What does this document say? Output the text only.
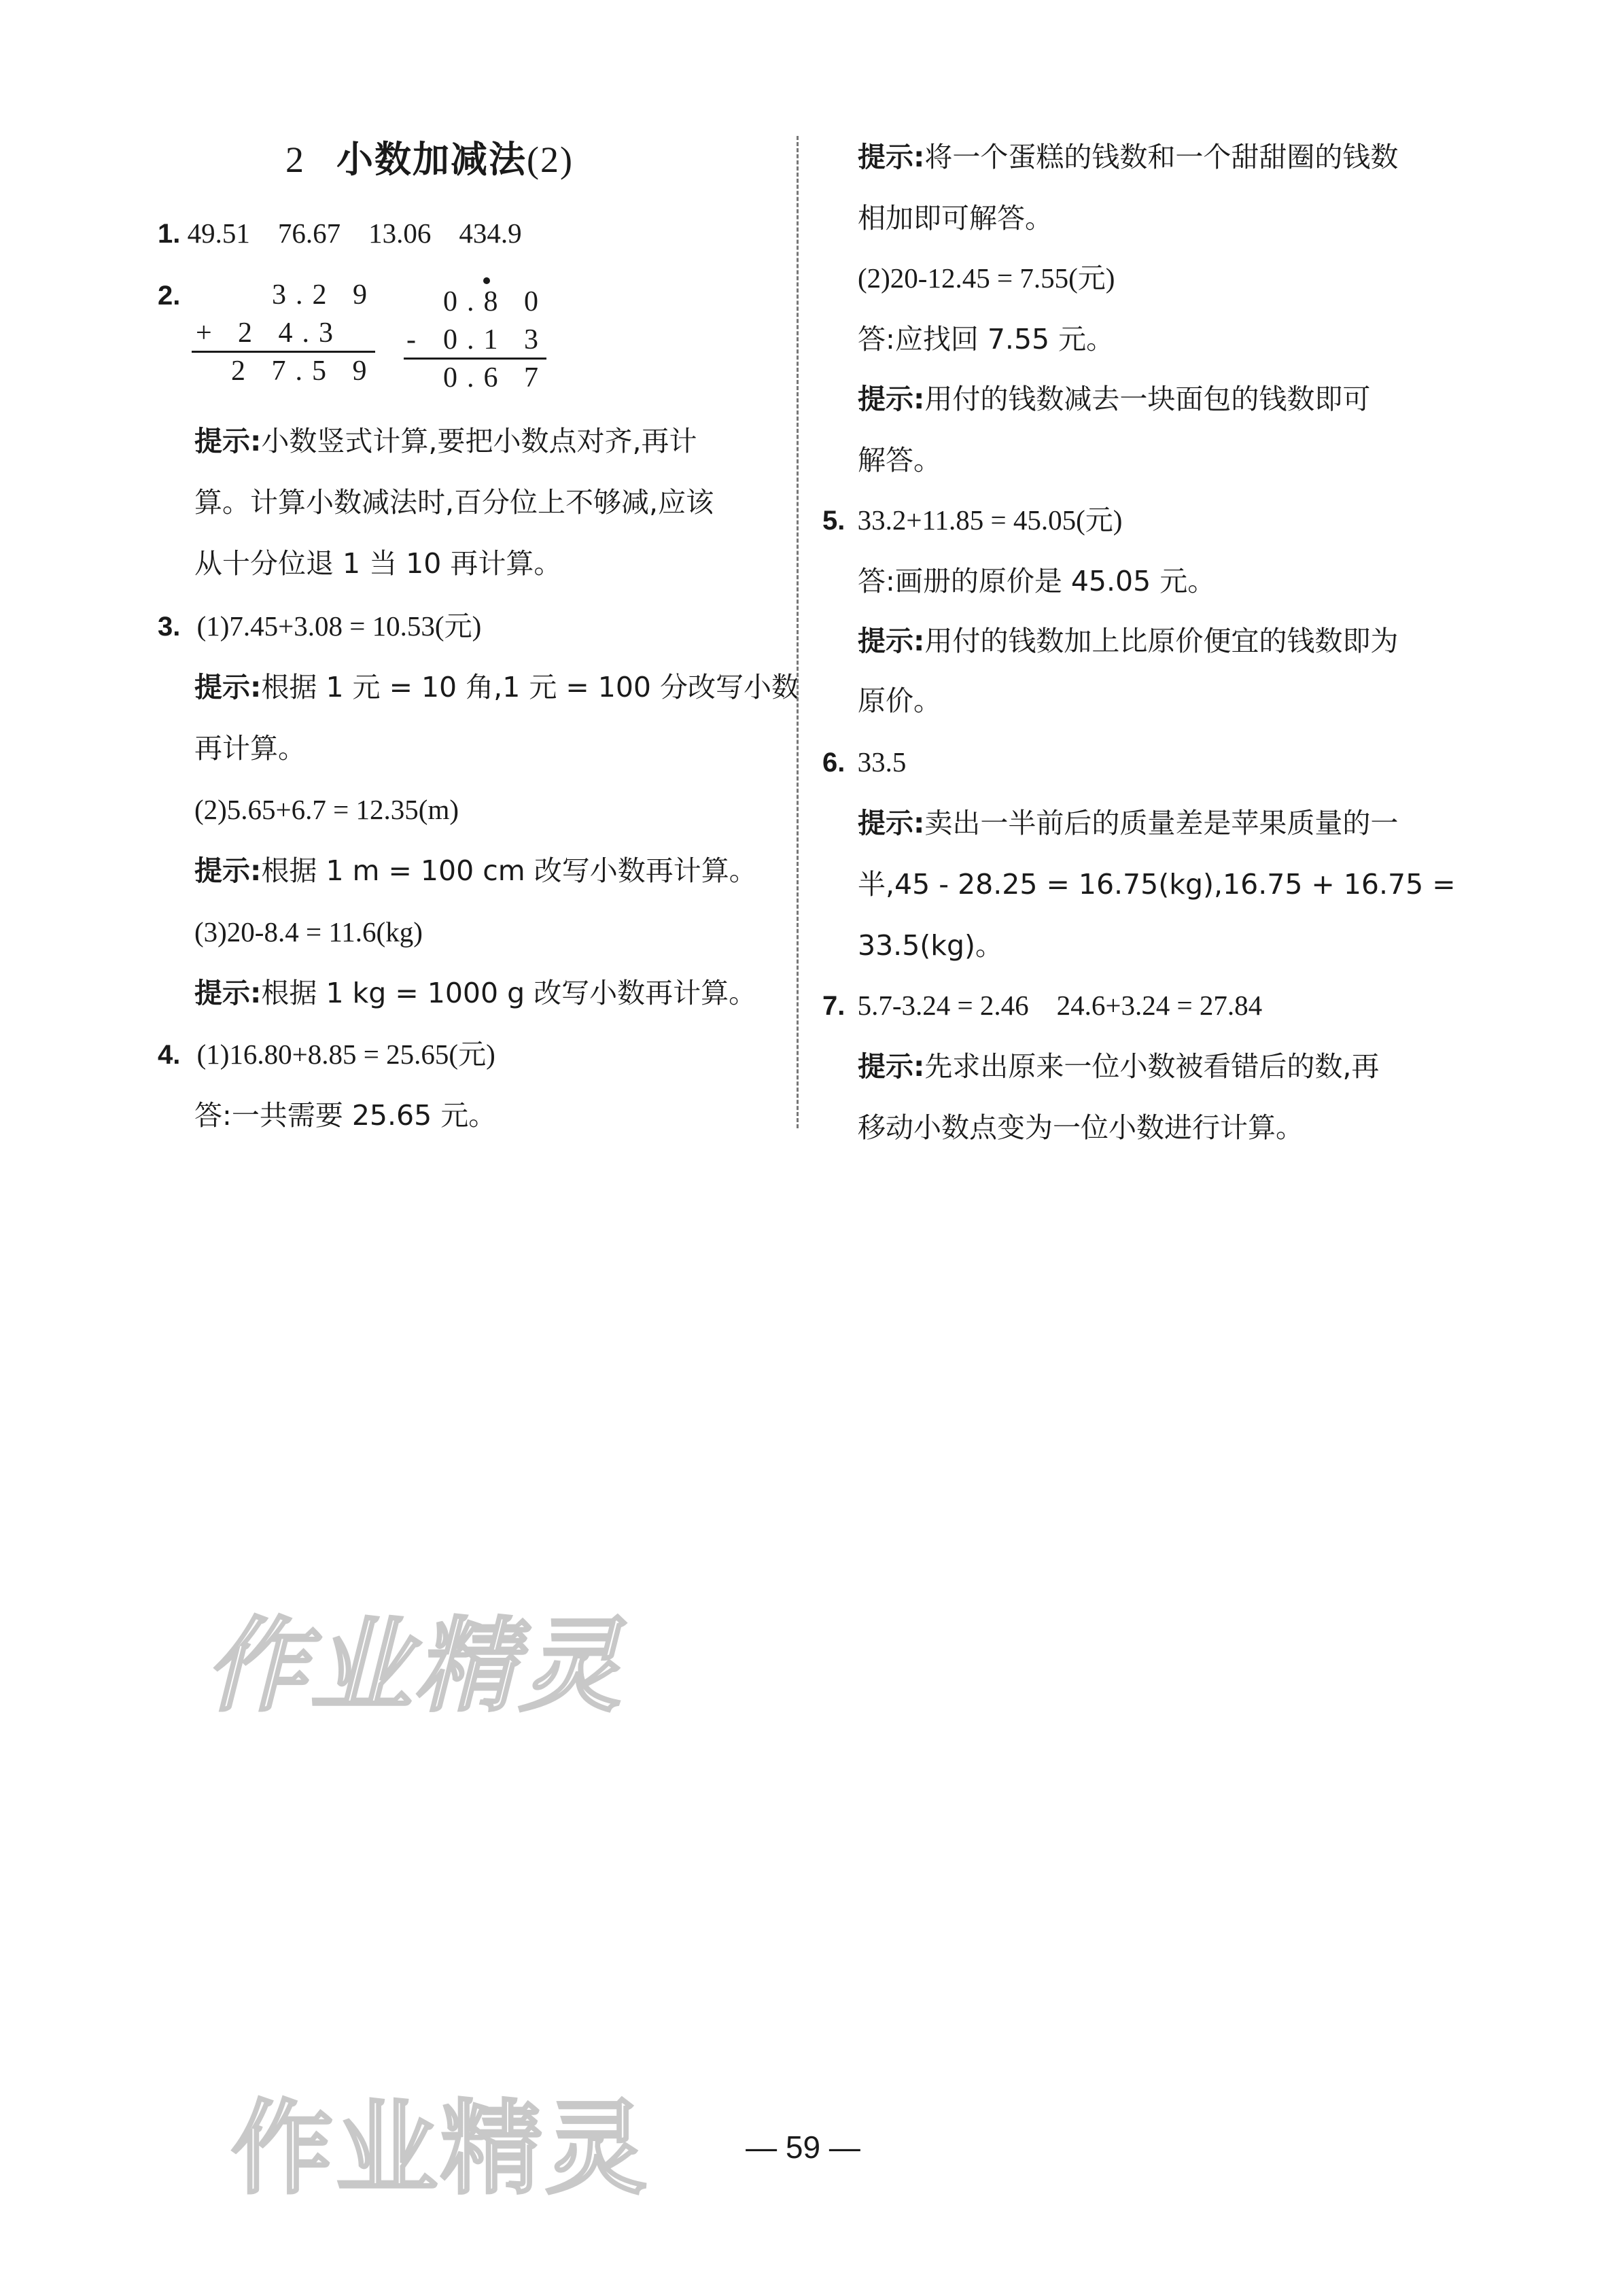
2 小数加减法(2)
1. 49.51    76.67    13.06    434.9
2.	3.2 9
+ 2 4.3
2 7.5 9
0.8 0
- 0.1 3
0.6 7
提示:小数竖式计算,要把小数点对齐,再计
算。计算小数减法时,百分位上不够减,应该
从十分位退 1 当 10 再计算。
3. (1)7.45+3.08 = 10.53(元)
提示:根据 1 元 = 10 角,1 元 = 100 分改写小数
再计算。
(2)5.65+6.7 = 12.35(m)
提示:根据 1 m = 100 cm 改写小数再计算。
(3)20-8.4 = 11.6(kg)
提示:根据 1 kg = 1000 g 改写小数再计算。
4. (1)16.80+8.85 = 25.65(元)
答:一共需要 25.65 元。
提示:将一个蛋糕的钱数和一个甜甜圈的钱数
相加即可解答。
(2)20-12.45 = 7.55(元)
答:应找回 7.55 元。
提示:用付的钱数减去一块面包的钱数即可
解答。
5. 33.2+11.85 = 45.05(元)
答:画册的原价是 45.05 元。
提示:用付的钱数加上比原价便宜的钱数即为
原价。
6. 33.5
提示:卖出一半前后的质量差是苹果质量的一
半,45 - 28.25 = 16.75(kg),16.75 + 16.75 =
33.5(kg)。
7. 5.7-3.24 = 2.46    24.6+3.24 = 27.84
提示:先求出原来一位小数被看错后的数,再
移动小数点变为一位小数进行计算。
作业精灵
作业精灵	— 59 —
